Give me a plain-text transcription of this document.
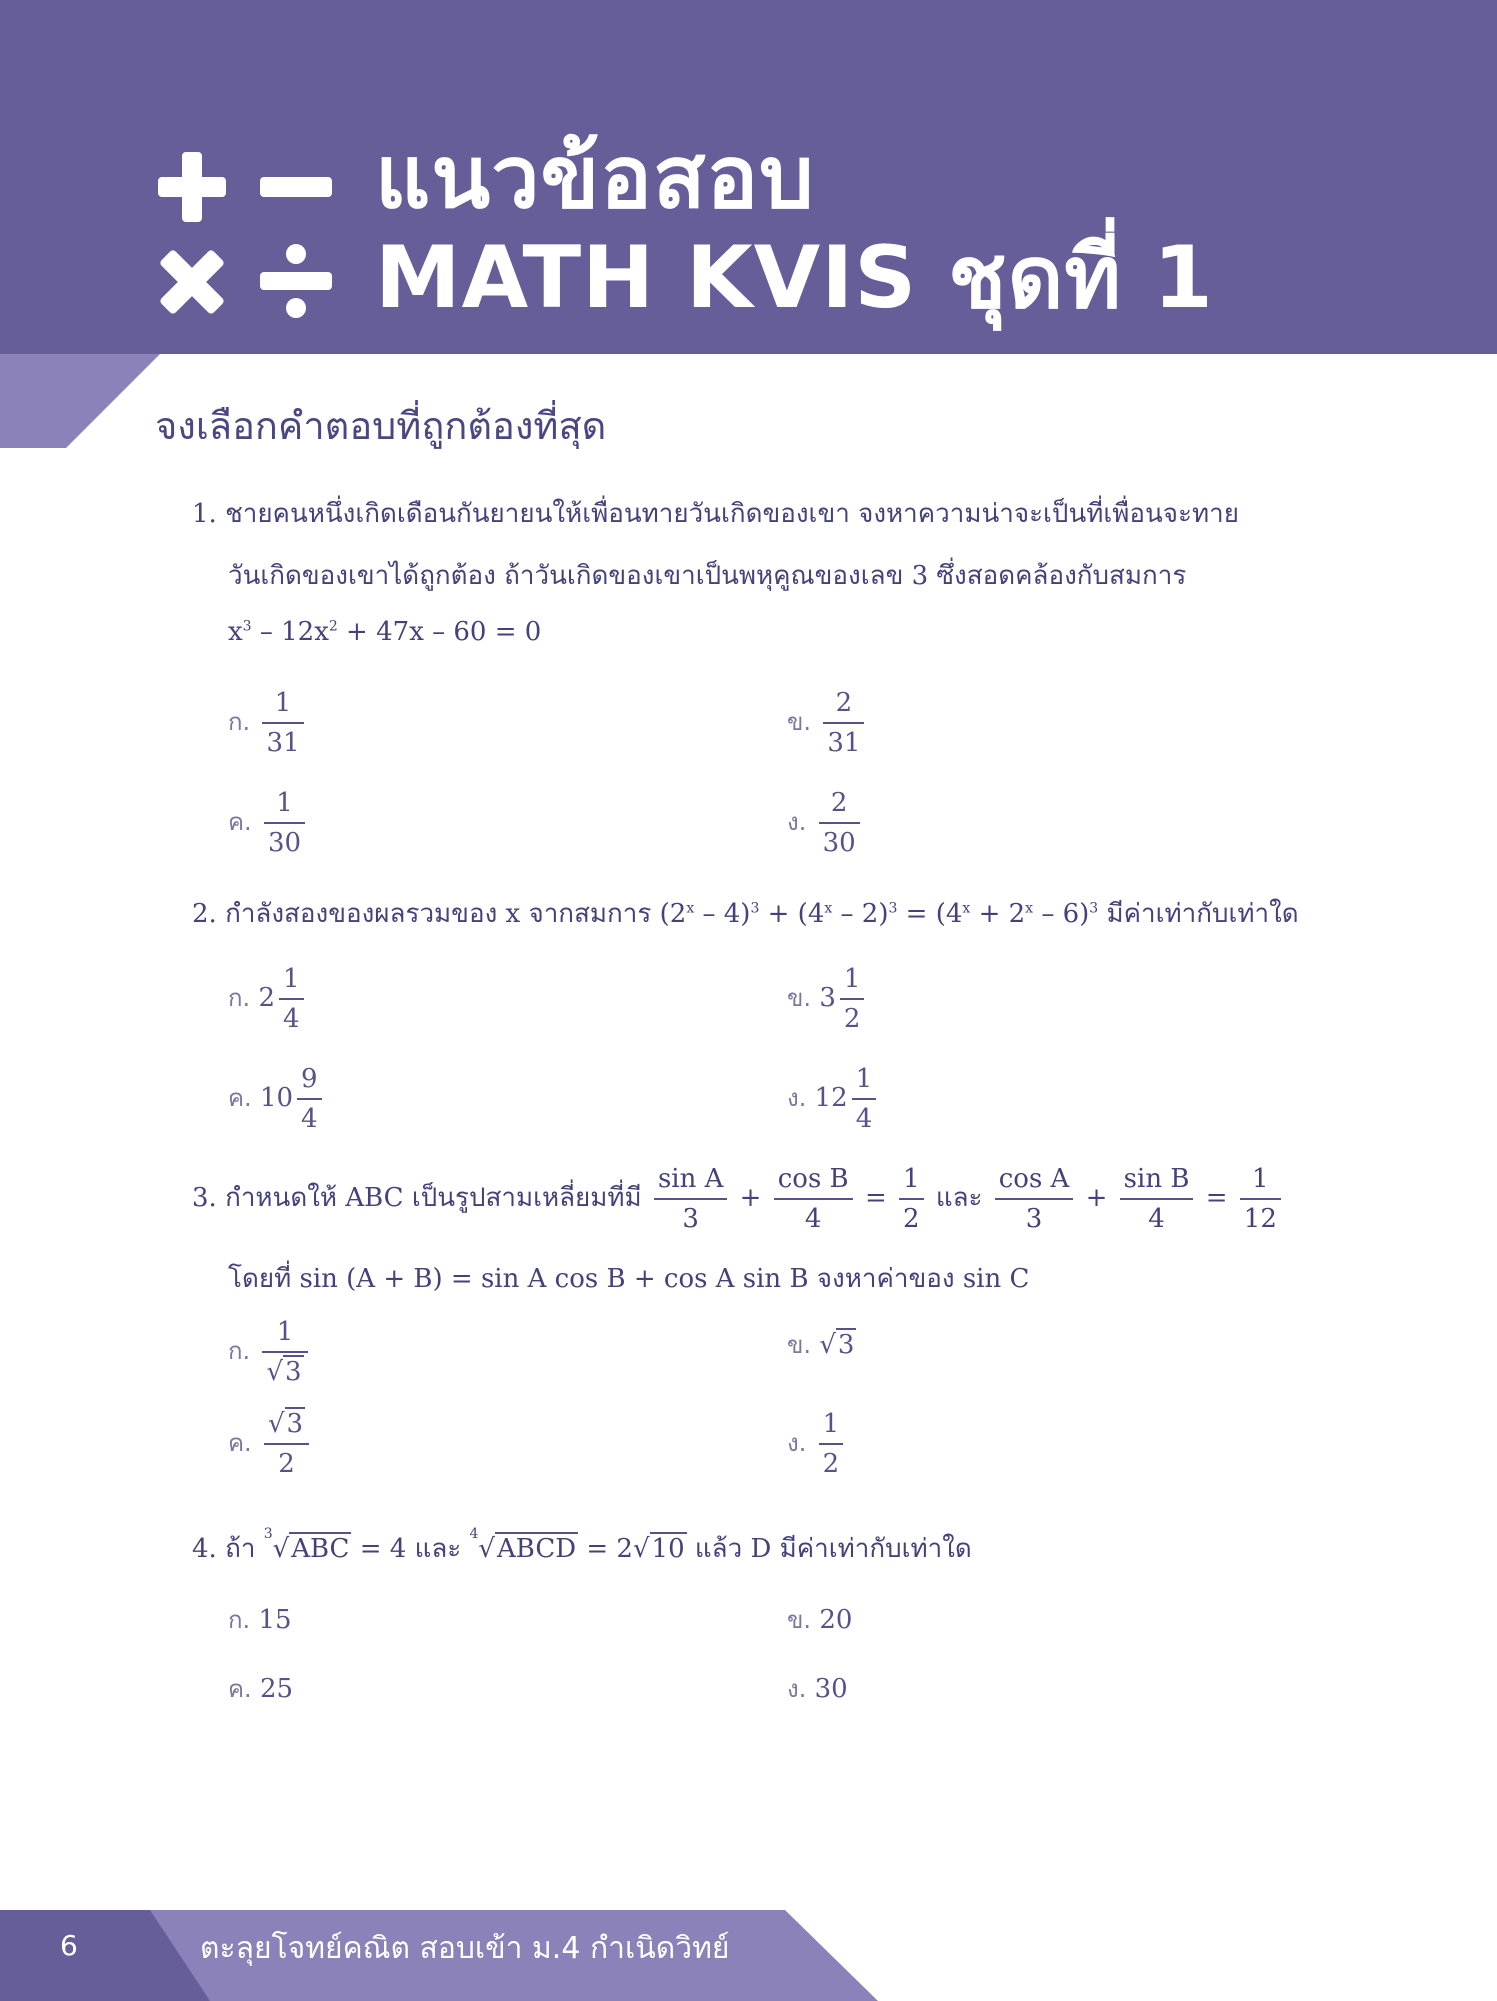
แนวข้อสอบ
MATH KVIS ชุดที่ 1
จงเลือกคำตอบที่ถูกต้องที่สุด
1. ชายคนหนึ่งเกิดเดือนกันยายนให้เพื่อนทายวันเกิดของเขา จงหาความน่าจะเป็นที่เพื่อนจะทาย
วันเกิดของเขาได้ถูกต้อง ถ้าวันเกิดของเขาเป็นพหุคูณของเลข 3 ซึ่งสอดคล้องกับสมการ
$x^3 - 12x^2 + 47x - 60 = 0$
ก. $\frac{1}{31}$	ข. $\frac{2}{31}$
ค. $\frac{1}{30}$	ง. $\frac{2}{30}$
2. กำลังสองของผลรวมของ x จากสมการ $(2^x - 4)^3 + (4^x - 2)^3 = (4^x + 2^x - 6)^3$ มีค่าเท่ากับเท่าใด
ก. $2 \frac{1}{4}$	ข. $3 \frac{1}{2}$
ค. $10 \frac{9}{4}$	ง. $12 \frac{1}{4}$
3. กำหนดให้ ABC เป็นรูปสามเหลี่ยมที่มี $\frac{\text{sin A}}{3} + \frac{\text{cos B}}{4} = \frac{1}{2}$ และ $\frac{\text{cos A}}{3} + \frac{\text{sin B}}{4} = \frac{1}{12}$
โดยที่ sin (A + B) = sin A cos B + cos A sin B จงหาค่าของ sin C
ก. $\frac{1}{√3}$	ข. √3
ค. $\frac{√3}{2}$	ง. $\frac{1}{2}$
4. ถ้า $^3$√ABC = 4 และ $^4$√ABCD = 2√10 แล้ว D มีค่าเท่ากับเท่าใด
ก. 15	ข. 20
ค. 25	ง. 30
6	ตะลุยโจทย์คณิต สอบเข้า ม.4 กำเนิดวิทย์
